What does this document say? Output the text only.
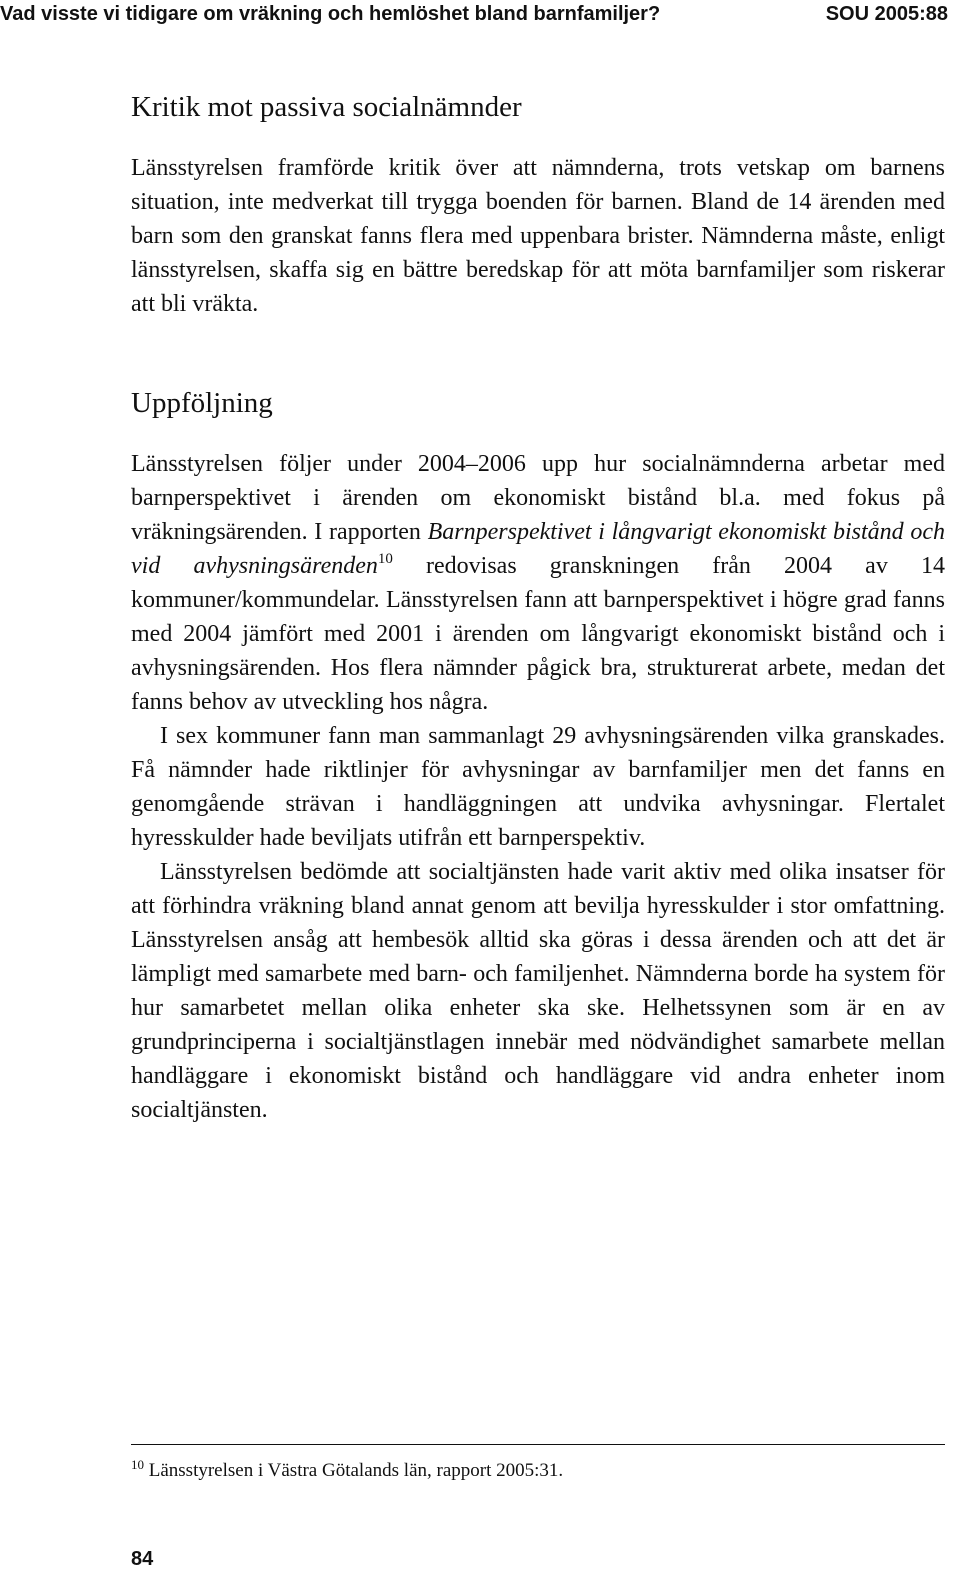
Vad visste vi tidigare om vräkning och hemlöshet bland barnfamiljer?	SOU 2005:88
Kritik mot passiva socialnämnder

Länsstyrelsen framförde kritik över att nämnderna, trots vetskap om barnens situation, inte medverkat till trygga boenden för barnen. Bland de 14 ärenden med barn som den granskat fanns flera med uppenbara brister. Nämnderna måste, enligt länsstyrelsen, skaffa sig en bättre beredskap för att möta barnfamiljer som riskerar att bli vräkta.

Uppföljning

Länsstyrelsen följer under 2004–2006 upp hur socialnämnderna arbetar med barnperspektivet i ärenden om ekonomiskt bistånd bl.a. med fokus på vräkningsärenden. I rapporten Barnperspektivet i långvarigt ekonomiskt bistånd och vid avhysningsärenden$^{10}$ redovisas granskningen från 2004 av 14 kommuner/kommundelar. Länsstyrelsen fann att barnperspektivet i högre grad fanns med 2004 jämfört med 2001 i ärenden om långvarigt ekonomiskt bistånd och i avhysningsärenden. Hos flera nämnder pågick bra, strukturerat arbete, medan det fanns behov av utveckling hos några.

I sex kommuner fann man sammanlagt 29 avhysningsärenden vilka granskades. Få nämnder hade riktlinjer för avhysningar av barnfamiljer men det fanns en genomgående strävan i handläggningen att undvika avhysningar. Flertalet hyresskulder hade beviljats utifrån ett barnperspektiv.

Länsstyrelsen bedömde att socialtjänsten hade varit aktiv med olika insatser för att förhindra vräkning bland annat genom att bevilja hyresskulder i stor omfattning. Länsstyrelsen ansåg att hembesök alltid ska göras i dessa ärenden och att det är lämpligt med samarbete med barn- och familjenhet. Nämnderna borde ha system för hur samarbetet mellan olika enheter ska ske. Helhetssynen som är en av grundprinciperna i socialtjänstlagen innebär med nödvändighet samarbete mellan handläggare i ekonomiskt bistånd och handläggare vid andra enheter inom socialtjänsten.

$^{10}$ Länsstyrelsen i Västra Götalands län, rapport 2005:31.
84
